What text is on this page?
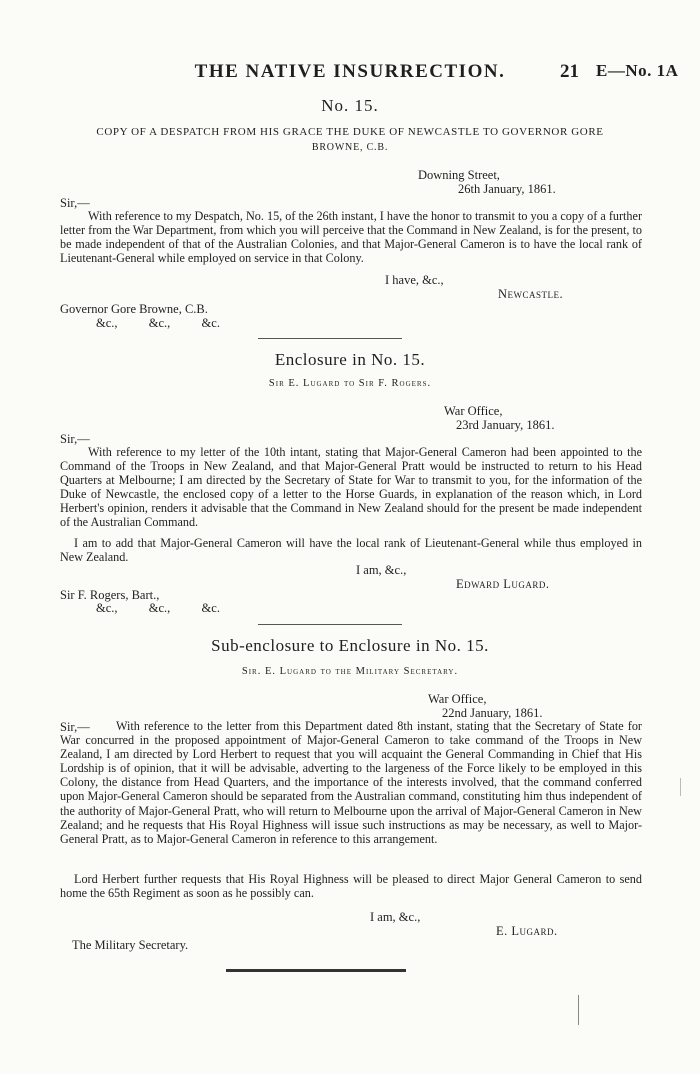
THE NATIVE INSURRECTION.	21 E—No. 1A
No. 15.
COPY OF A DESPATCH FROM HIS GRACE THE DUKE OF NEWCASTLE TO GOVERNOR GORE
BROWNE, C.B.
Downing Street,
26th January, 1861.
Sir,—
With reference to my Despatch, No. 15, of the 26th instant, I have the honor to transmit to you a copy of a further letter from the War Department, from which you will perceive that the Command in New Zealand, is for the present, to be made independent of that of the Australian Colonies, and that Major-General Cameron is to have the local rank of Lieutenant-General while employed on service in that Colony.
I have, &c.,
Newcastle.
Governor Gore Browne, C.B.
&c.,          &c.,          &c.
Enclosure in No. 15.
Sir E. Lugard to Sir F. Rogers.
War Office,
23rd January, 1861.
Sir,—
With reference to my letter of the 10th intant, stating that Major-General Cameron had been appointed to the Command of the Troops in New Zealand, and that Major-General Pratt would be instructed to return to his Head Quarters at Melbourne; I am directed by the Secretary of State for War to transmit to you, for the information of the Duke of Newcastle, the enclosed copy of a letter to the Horse Guards, in explanation of the reason which, in Lord Herbert's opinion, renders it advisable that the Command in New Zealand should for the present be made independent of the Australian Command.
I am to add that Major-General Cameron will have the local rank of Lieutenant-General while thus employed in New Zealand.
I am, &c.,
Edward Lugard.
Sir F. Rogers, Bart.,
&c.,          &c.,          &c.
Sub-enclosure to Enclosure in No. 15.
Sir. E. Lugard to the Military Secretary.
War Office,
22nd January, 1861.
Sir,—	With reference to the letter from this Department dated 8th instant, stating that the Secretary of State for War concurred in the proposed appointment of Major-General Cameron to take command of the Troops in New Zealand, I am directed by Lord Herbert to request that you will acquaint the General Commanding in Chief that His Lordship is of opinion, that it will be advisable, adverting to the largeness of the Force likely to be employed in this Colony, the distance from Head Quarters, and the importance of the interests involved, that the command conferred upon Major-General Cameron should be separated from the Australian command, constituting him thus independent of the authority of Major-General Pratt, who will return to Melbourne upon the arrival of Major-General Cameron in New Zealand; and he requests that His Royal Highness will issue such instructions as may be necessary, as well to Major-General Pratt, as to Major-General Cameron in reference to this arrangement.
Lord Herbert further requests that His Royal Highness will be pleased to direct Major General Cameron to send home the 65th Regiment as soon as he possibly can.
I am, &c.,
E. Lugard.
The Military Secretary.
